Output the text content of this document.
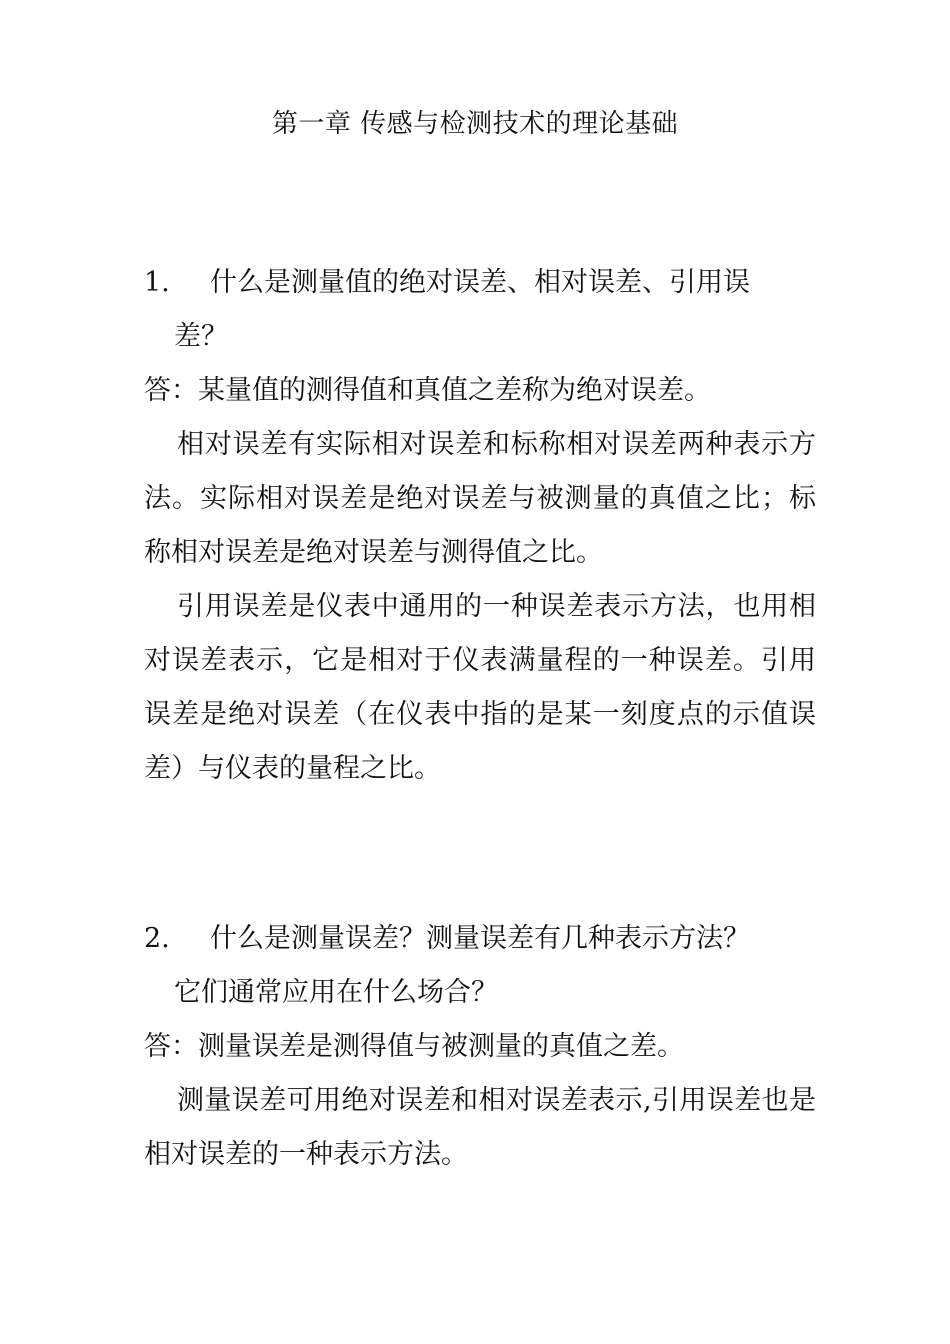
第一章 传感与检测技术的理论基础

1. 什么是测量值的绝对误差、相对误差、引用误
差？

答：某量值的测得值和真值之差称为绝对误差。

相对误差有实际相对误差和标称相对误差两种表示方法。实际相对误差是绝对误差与被测量的真值之比；标称相对误差是绝对误差与测得值之比。

引用误差是仪表中通用的一种误差表示方法，也用相对误差表示，它是相对于仪表满量程的一种误差。引用误差是绝对误差（在仪表中指的是某一刻度点的示值误差）与仪表的量程之比。

2. 什么是测量误差？测量误差有几种表示方法？
它们通常应用在什么场合？

答：测量误差是测得值与被测量的真值之差。

测量误差可用绝对误差和相对误差表示,引用误差也是相对误差的一种表示方法。
